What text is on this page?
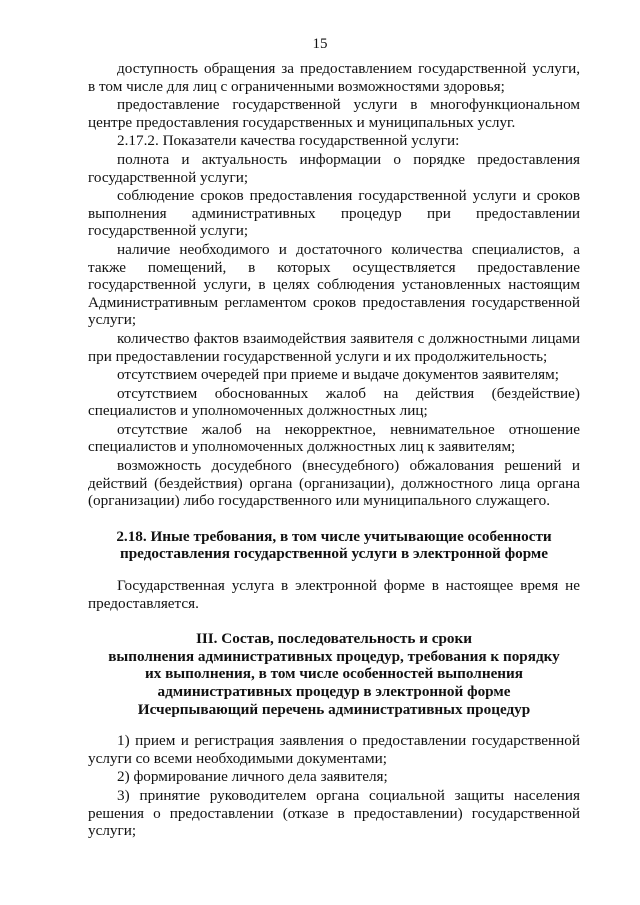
15

доступность обращения за предоставлением государственной услуги, в том числе для лиц с ограниченными возможностями здоровья;

предоставление государственной услуги в многофункциональном центре предоставления государственных и муниципальных услуг.

2.17.2. Показатели качества государственной услуги:

полнота и актуальность информации о порядке предоставления государственной услуги;

соблюдение сроков предоставления государственной услуги и сроков выполнения административных процедур при предоставлении государственной услуги;

наличие необходимого и достаточного количества специалистов, а также помещений, в которых осуществляется предоставление государственной услуги, в целях соблюдения установленных настоящим Административным регламентом сроков предоставления государственной услуги;

количество фактов взаимодействия заявителя с должностными лицами при предоставлении государственной услуги и их продолжительность;

отсутствием очередей при приеме и выдаче документов заявителям;

отсутствием обоснованных жалоб на действия (бездействие) специалистов и уполномоченных должностных лиц;

отсутствие жалоб на некорректное, невнимательное отношение специалистов и уполномоченных должностных лиц к заявителям;

возможность досудебного (внесудебного) обжалования решений и действий (бездействия) органа (организации), должностного лица органа (организации) либо государственного или муниципального служащего.

2.18. Иные требования, в том числе учитывающие особенности

предоставления государственной услуги в электронной форме

Государственная услуга в электронной форме в настоящее время не предоставляется.

III. Состав, последовательность и сроки

выполнения административных процедур, требования к порядку

их выполнения, в том числе особенностей выполнения

административных процедур в электронной форме

Исчерпывающий перечень административных процедур

1) прием и регистрация заявления о предоставлении государственной услуги со всеми необходимыми документами;

2) формирование личного дела заявителя;

3) принятие руководителем органа социальной защиты населения решения о предоставлении (отказе в предоставлении) государственной услуги;
